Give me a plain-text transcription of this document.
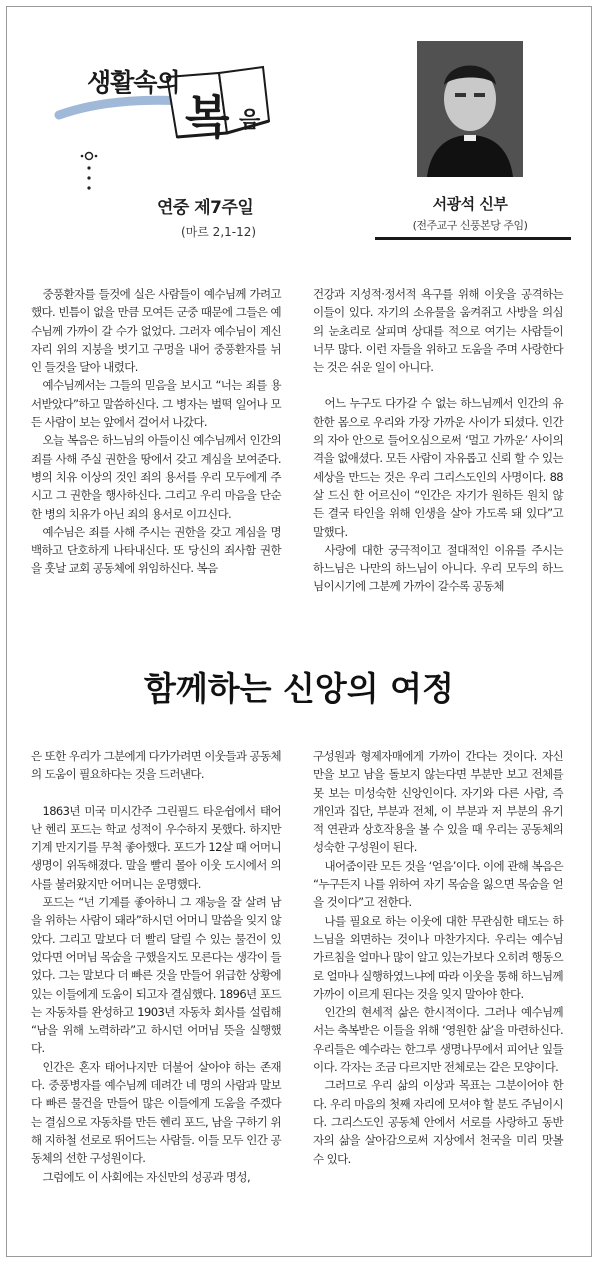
생활속의
복 음
연중 제7주일
(마르 2,1-12)
서광석 신부
(전주교구 신풍본당 주임)

중풍환자를 들것에 실은 사람들이 예수님께 가려고 했다. 빈틈이 없을 만큼 모여든 군중 때문에 그들은 예수님께 가까이 갈 수가 없었다. 그러자 예수님이 계신 자리 위의 지붕을 벗기고 구멍을 내어 중풍환자를 뉘인 들것을 달아 내렸다.

예수님께서는 그들의 믿음을 보시고 “너는 죄를 용서받았다”하고 말씀하신다. 그 병자는 벌떡 일어나 모든 사람이 보는 앞에서 걸어서 나갔다.

오늘 복음은 하느님의 아들이신 예수님께서 인간의 죄를 사해 주실 권한을 땅에서 갖고 계심을 보여준다. 병의 치유 이상의 것인 죄의 용서를 우리 모두에게 주시고 그 권한을 행사하신다. 그리고 우리 마음을 단순한 병의 치유가 아닌 죄의 용서로 이끄신다.

예수님은 죄를 사해 주시는 권한을 갖고 계심을 명백하고 단호하게 나타내신다. 또 당신의 죄사함 권한을 훗날 교회 공동체에 위임하신다. 복음

건강과 지성적·정서적 욕구를 위해 이웃을 공격하는 이들이 있다. 자기의 소유물을 움켜쥐고 사방을 의심의 눈초리로 살피며 상대를 적으로 여기는 사람들이 너무 많다. 이런 자들을 위하고 도움을 주며 사랑한다는 것은 쉬운 일이 아니다.

어느 누구도 다가갈 수 없는 하느님께서 인간의 유한한 몸으로 우리와 가장 가까운 사이가 되셨다. 인간의 자아 안으로 들어오심으로써 ‘멀고 가까운’ 사이의 격을 없애셨다. 모든 사람이 자유롭고 신뢰 할 수 있는 세상을 만드는 것은 우리 그리스도인의 사명이다. 88살 드신 한 어르신이 “인간은 자기가 원하든 원치 않든 결국 타인을 위해 인생을 살아 가도록 돼 있다”고 말했다.

사랑에 대한 궁극적이고 절대적인 이유를 주시는 하느님은 나만의 하느님이 아니다. 우리 모두의 하느님이시기에 그분께 가까이 갈수록 공동체

함께하는 신앙의 여정

은 또한 우리가 그분에게 다가가려면 이웃들과 공동체의 도움이 필요하다는 것을 드러낸다.

1863년 미국 미시간주 그린필드 타운쉽에서 태어난 헨리 포드는 학교 성적이 우수하지 못했다. 하지만 기계 만지기를 무척 좋아했다. 포드가 12살 때 어머니 생명이 위독해졌다. 말을 빨리 몰아 이웃 도시에서 의사를 불러왔지만 어머니는 운명했다.

포드는 “넌 기계를 좋아하니 그 재능을 잘 살려 남을 위하는 사람이 돼라”하시던 어머니 말씀을 잊지 않았다. 그리고 말보다 더 빨리 달릴 수 있는 물건이 있었다면 어머님 목숨을 구했을지도 모른다는 생각이 들었다. 그는 말보다 더 빠른 것을 만들어 위급한 상황에 있는 이들에게 도움이 되고자 결심했다. 1896년 포드는 자동차를 완성하고 1903년 자동차 회사를 설립해 “남을 위해 노력하라”고 하시던 어머님 뜻을 실행했다.

인간은 혼자 태어나지만 더불어 살아야 하는 존재다. 중풍병자를 예수님께 데려간 네 명의 사람과 말보다 빠른 물건을 만들어 많은 이들에게 도움을 주겠다는 결심으로 자동차를 만든 헨리 포드, 남을 구하기 위해 지하철 선로로 뛰어드는 사람들. 이들 모두 인간 공동체의 선한 구성원이다.

그럼에도 이 사회에는 자신만의 성공과 명성,

구성원과 형제자매에게 가까이 간다는 것이다. 자신 만을 보고 남을 돌보지 않는다면 부분만 보고 전체를 못 보는 미성숙한 신앙인이다. 자기와 다른 사람, 즉 개인과 집단, 부분과 전체, 이 부분과 저 부분의 유기적 연관과 상호작용을 볼 수 있을 때 우리는 공동체의 성숙한 구성원이 된다.

내어줌이란 모든 것을 ‘얻음’이다. 이에 관해 복음은 “누구든지 나를 위하여 자기 목숨을 잃으면 목숨을 얻을 것이다”고 전한다.

나를 필요로 하는 이웃에 대한 무관심한 태도는 하느님을 외면하는 것이나 마찬가지다. 우리는 예수님 가르침을 얼마나 많이 알고 있는가보다 오히려 행동으로 얼마나 실행하였느냐에 따라 이웃을 통해 하느님께 가까이 이르게 된다는 것을 잊지 말아야 한다.

인간의 현세적 삶은 한시적이다. 그러나 예수님께서는 축복받은 이들을 위해 ‘영원한 삶’을 마련하신다. 우리들은 예수라는 한그루 생명나무에서 피어난 잎들이다. 각자는 조금 다르지만 전체로는 같은 모양이다.

그러므로 우리 삶의 이상과 목표는 그분이어야 한다. 우리 마음의 첫째 자리에 모셔야 할 분도 주님이시다. 그리스도인 공동체 안에서 서로를 사랑하고 동반자의 삶을 살아감으로써 지상에서 천국을 미리 맛볼 수 있다.
